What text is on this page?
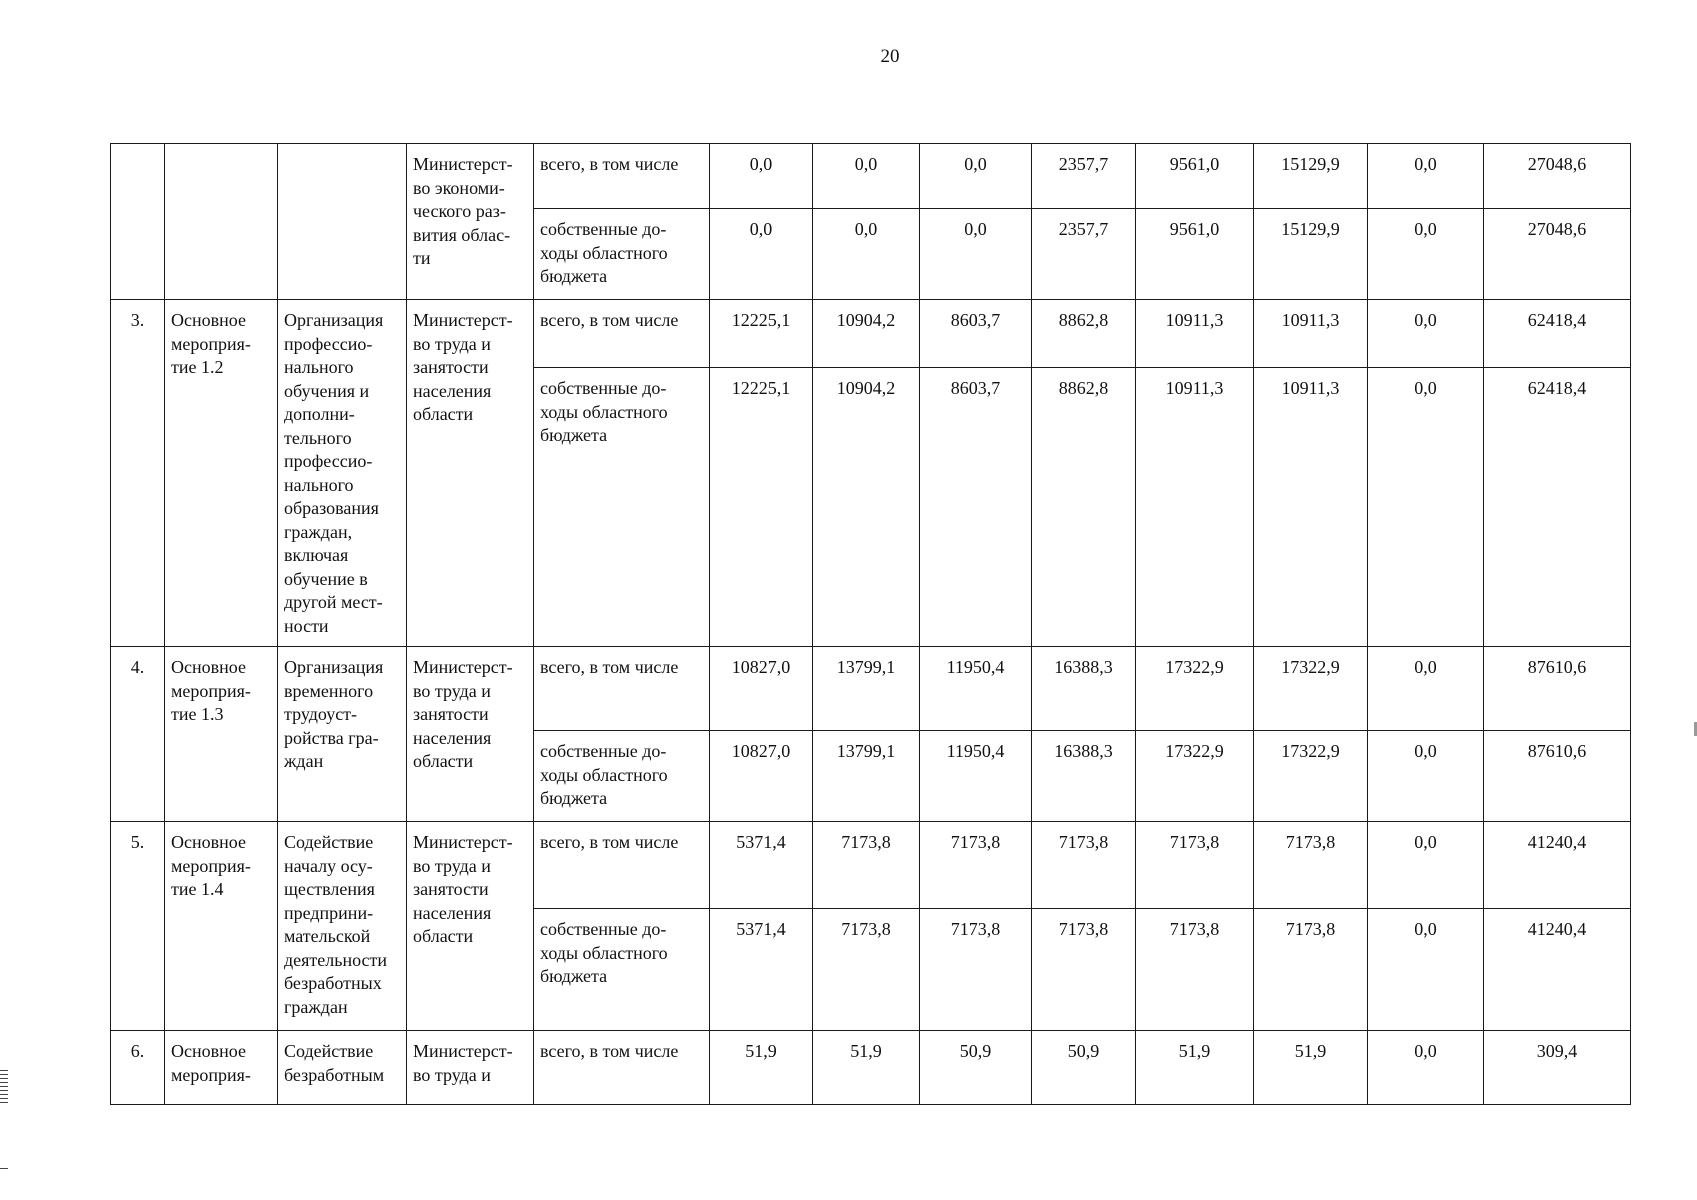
20
			Министерст-во экономи-ческого раз-вития облас-ти	всего, в том числе	0,0	0,0	0,0	2357,7	9561,0	15129,9	0,0	27048,6
				собственные до-ходы областного бюджета	0,0	0,0	0,0	2357,7	9561,0	15129,9	0,0	27048,6
3.	Основное мероприя-тие 1.2	Организация профессио-нального обучения и дополни-тельного профессио-нального образования граждан, включая обучение в другой мест-ности	Министерст-во труда и занятости населения области	всего, в том числе	12225,1	10904,2	8603,7	8862,8	10911,3	10911,3	0,0	62418,4
				собственные до-ходы областного бюджета	12225,1	10904,2	8603,7	8862,8	10911,3	10911,3	0,0	62418,4
4.	Основное мероприя-тие 1.3	Организация временного трудоуст-ройства гра-ждан	Министерст-во труда и занятости населения области	всего, в том числе	10827,0	13799,1	11950,4	16388,3	17322,9	17322,9	0,0	87610,6
				собственные до-ходы областного бюджета	10827,0	13799,1	11950,4	16388,3	17322,9	17322,9	0,0	87610,6
5.	Основное мероприя-тие 1.4	Содействие началу осу-ществления предприни-мательской деятельности безработных граждан	Министерст-во труда и занятости населения области	всего, в том числе	5371,4	7173,8	7173,8	7173,8	7173,8	7173,8	0,0	41240,4
				собственные до-ходы областного бюджета	5371,4	7173,8	7173,8	7173,8	7173,8	7173,8	0,0	41240,4
6.	Основное мероприя-	Содействие безработным	Министерст-во труда и	всего, в том числе	51,9	51,9	50,9	50,9	51,9	51,9	0,0	309,4
